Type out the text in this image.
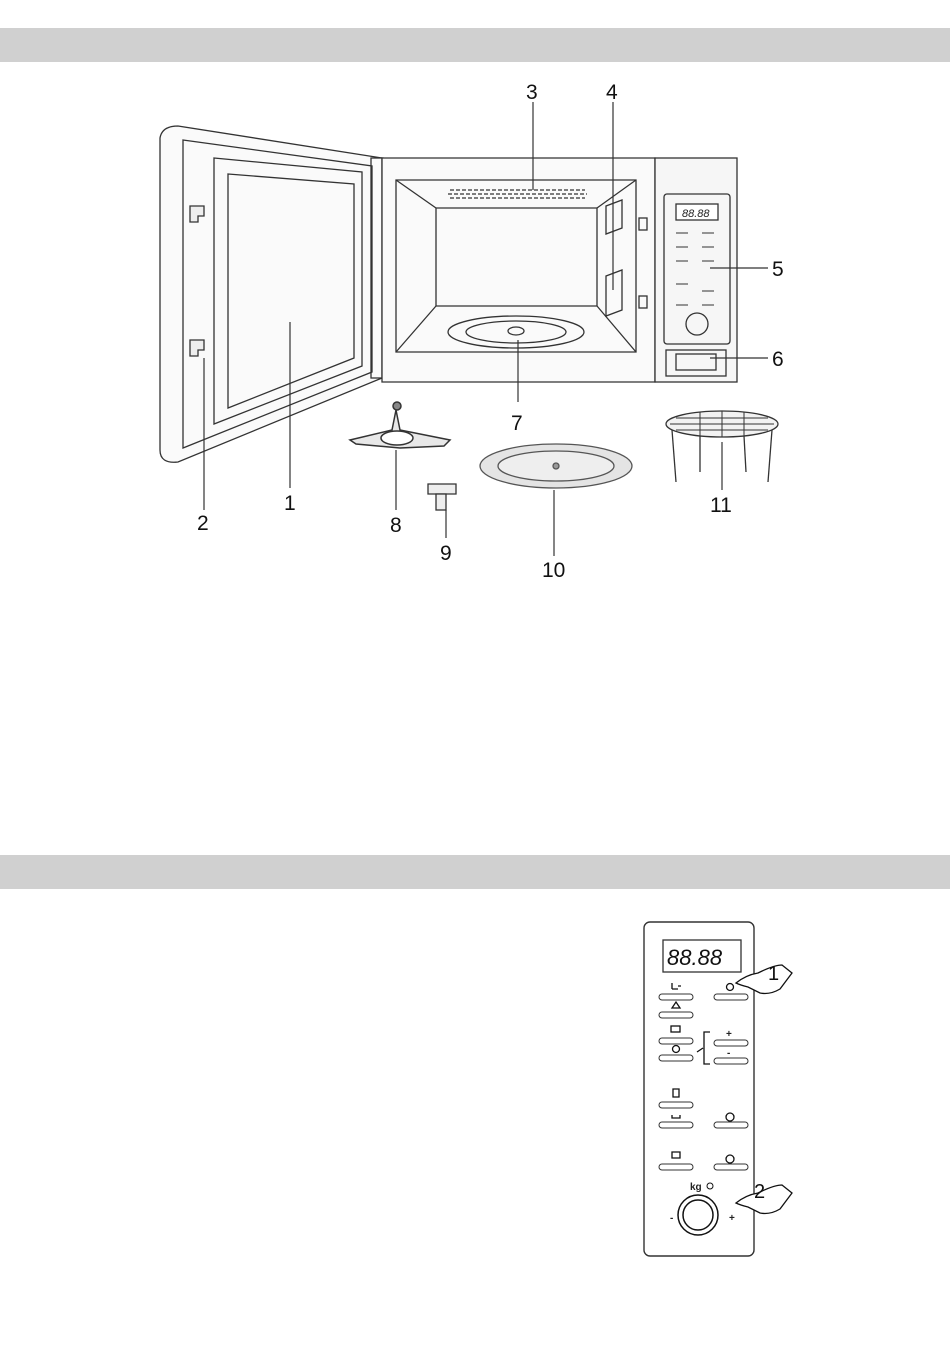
88.88
3	4
5
6
7
1
2	8
9
10
11
88.88
+
-
kg
-	+
1
2
